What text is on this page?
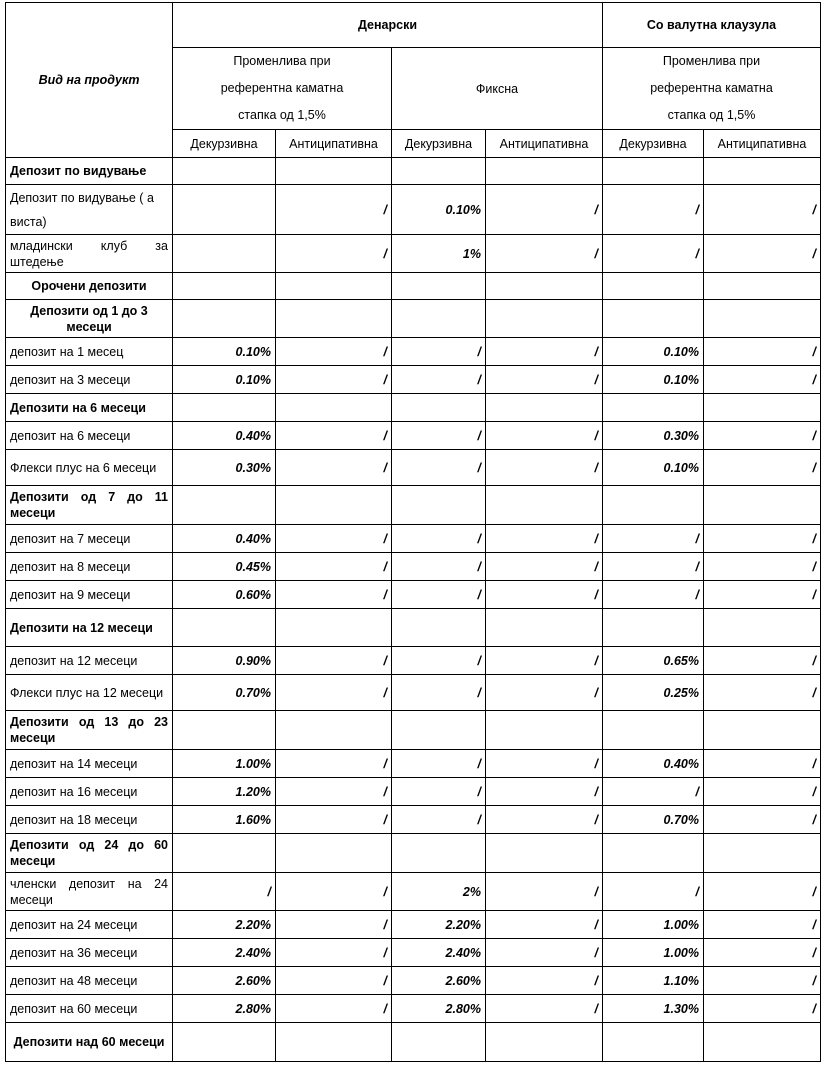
Вид на продукт	Денарски				Со валутна клаузула	

	Променлива при
референтна каматна
стапка од 1,5%		Фиксна		Променлива при
референтна каматна
стапка од 1,5%	

	Декурзивна	Антиципативна	Декурзивна	Антиципативна	Декурзивна	Антиципативна
Депозит по видување						
Депозит по видување ( а виста)		/	0.10%	/	/	/
младински клуб за штедење		/	1%	/	/	/
Орочени депозити						
Депозити од 1 до 3 месеци						
депозит на 1 месец	0.10%	/	/	/	0.10%	/
депозит на 3 месеци	0.10%	/	/	/	0.10%	/
Депозити на 6 месеци						
депозит на 6 месеци	0.40%	/	/	/	0.30%	/
Флекси плус на 6 месеци	0.30%	/	/	/	0.10%	/
Депозити од 7 до 11 месеци						
депозит на 7 месеци	0.40%	/	/	/	/	/
депозит на 8 месеци	0.45%	/	/	/	/	/
депозит на 9 месеци	0.60%	/	/	/	/	/
Депозити на 12 месеци						
депозит на 12 месеци	0.90%	/	/	/	0.65%	/
Флекси плус на 12 месеци	0.70%	/	/	/	0.25%	/
Депозити од 13 до 23 месеци						
депозит на 14 месеци	1.00%	/	/	/	0.40%	/
депозит на 16 месеци	1.20%	/	/	/	/	/
депозит на 18 месеци	1.60%	/	/	/	0.70%	/
Депозити од 24 до 60 месеци						
членски депозит на 24 месеци	/	/	2%	/	/	/
депозит на 24 месеци	2.20%	/	2.20%	/	1.00%	/
депозит на 36 месеци	2.40%	/	2.40%	/	1.00%	/
депозит на 48 месеци	2.60%	/	2.60%	/	1.10%	/
депозит на 60 месеци	2.80%	/	2.80%	/	1.30%	/
Депозити над 60 месеци						
